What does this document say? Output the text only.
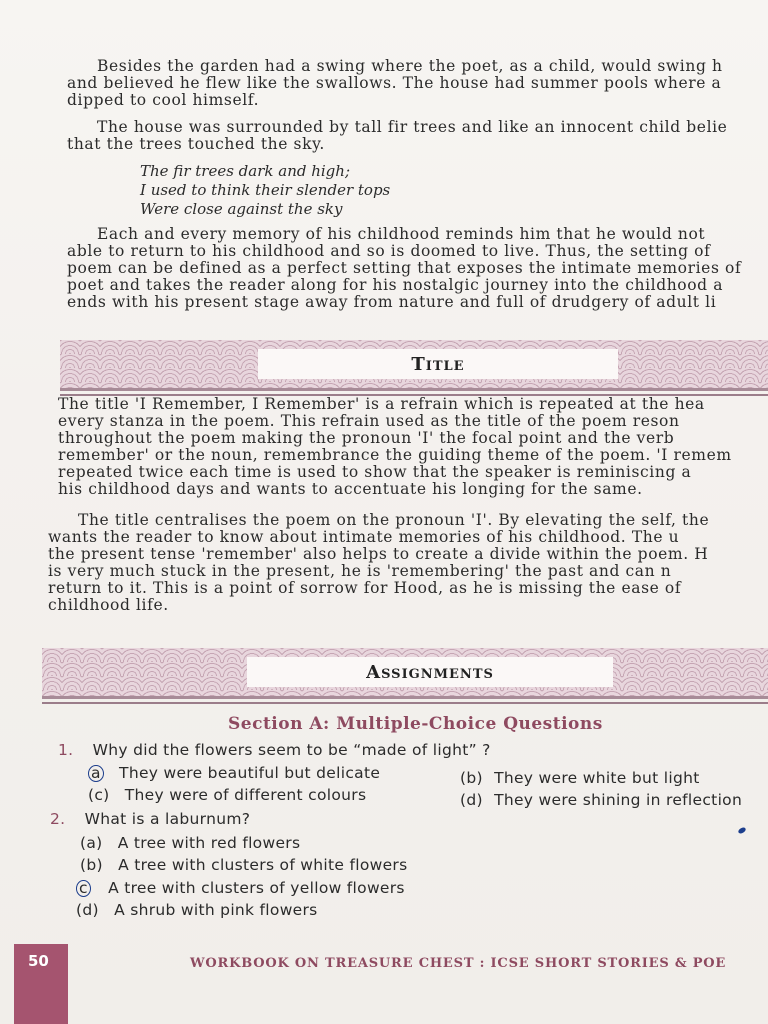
Besides the garden had a swing where the poet, as a child, would swing h
and believed he flew like the swallows. The house had summer pools where a
dipped to cool himself.

The house was surrounded by tall fir trees and like an innocent child belie
that the trees touched the sky.

The fir trees dark and high;
I used to think their slender tops
Were close against the sky

Each and every memory of his childhood reminds him that he would not
able to return to his childhood and so is doomed to live. Thus, the setting of
poem can be defined as a perfect setting that exposes the intimate memories of
poet and takes the reader along for his nostalgic journey into the childhood a
ends with his present stage away from nature and full of drudgery of adult li

Title

The title 'I Remember, I Remember' is a refrain which is repeated at the hea
every stanza in the poem. This refrain used as the title of the poem reson
throughout the poem making the pronoun 'I' the focal point and the verb
remember' or the noun, remembrance the guiding theme of the poem. 'I remem
repeated twice each time is used to show that the speaker is reminiscing a
his childhood days and wants to accentuate his longing for the same.

The title centralises the poem on the pronoun 'I'. By elevating the self, the
wants the reader to know about intimate memories of his childhood. The u
the present tense 'remember' also helps to create a divide within the poem. H
is very much stuck in the present, he is 'remembering' the past and can n
return to it. This is a point of sorrow for Hood, as he is missing the ease of
childhood life.

Assignments
Section A: Multiple-Choice Questions
1. Why did the flowers seem to be “made of light” ?
a They were beautiful but delicate	(b) They were white but light
(c) They were of different colours	(d) They were shining in reflection
2. What is a laburnum?
(a) A tree with red flowers
(b) A tree with clusters of white flowers
c A tree with clusters of yellow flowers
(d) A shrub with pink flowers
50	WORKBOOK ON TREASURE CHEST : ICSE SHORT STORIES & POE
